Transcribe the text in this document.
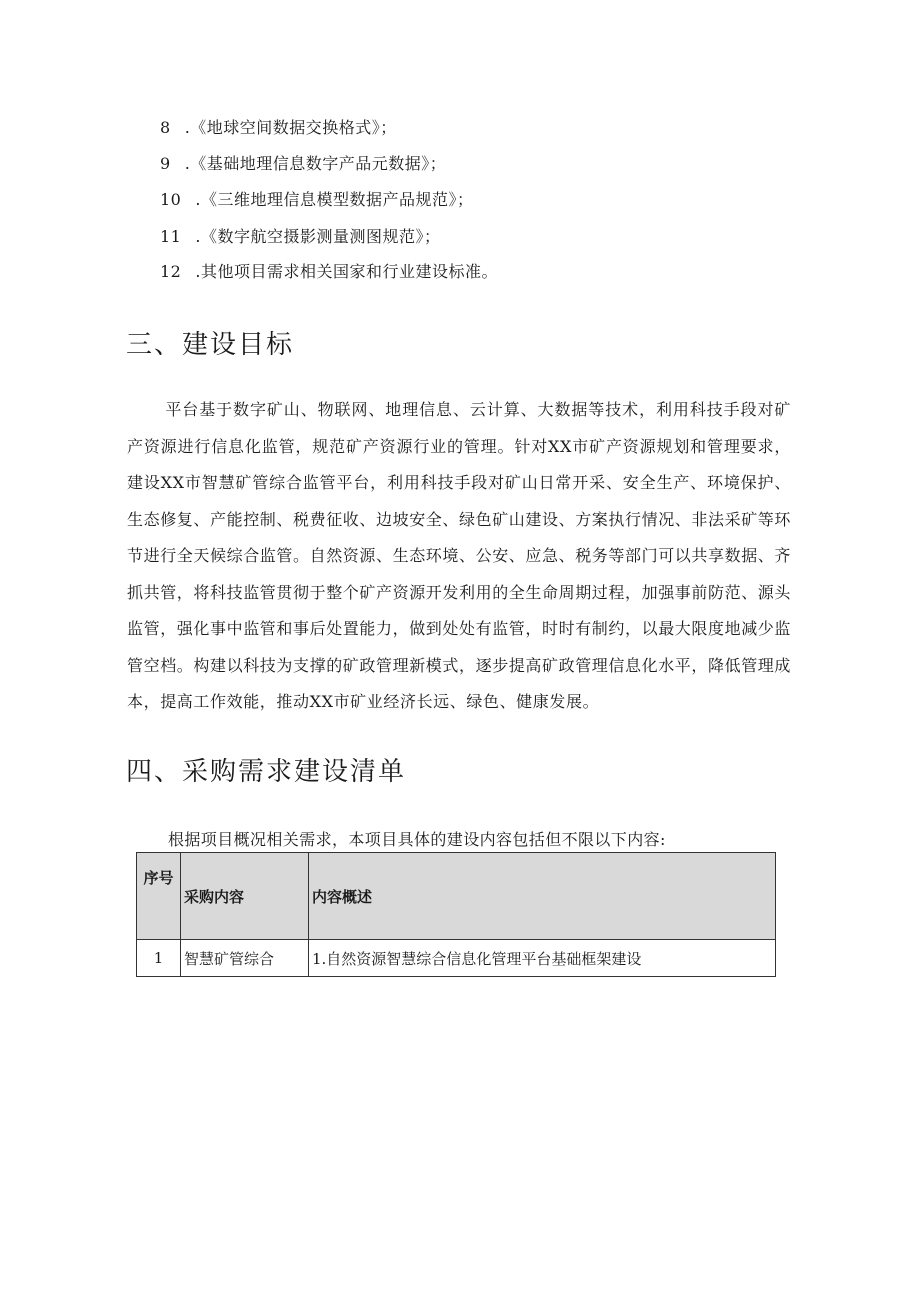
8 .《地球空间数据交换格式》；
9 .《基础地理信息数字产品元数据》；
10 .《三维地理信息模型数据产品规范》；
11 .《数字航空摄影测量测图规范》；
12 .其他项目需求相关国家和行业建设标准。
三、建设目标

平台基于数字矿山、物联网、地理信息、云计算、大数据等技术，利用科技手段对矿产资源进行信息化监管，规范矿产资源行业的管理。针对XX市矿产资源规划和管理要求，建设XX市智慧矿管综合监管平台，利用科技手段对矿山日常开采、安全生产、环境保护、生态修复、产能控制、税费征收、边坡安全、绿色矿山建设、方案执行情况、非法采矿等环节进行全天候综合监管。自然资源、生态环境、公安、应急、税务等部门可以共享数据、齐抓共管，将科技监管贯彻于整个矿产资源开发利用的全生命周期过程，加强事前防范、源头监管，强化事中监管和事后处置能力，做到处处有监管，时时有制约，以最大限度地减少监管空档。构建以科技为支撑的矿政管理新模式，逐步提高矿政管理信息化水平，降低管理成本，提高工作效能，推动XX市矿业经济长远、绿色、健康发展。

四、采购需求建设清单
根据项目概况相关需求，本项目具体的建设内容包括但不限以下内容:
序号	采购内容	内容概述
1	智慧矿管综合	1.自然资源智慧综合信息化管理平台基础框架建设
